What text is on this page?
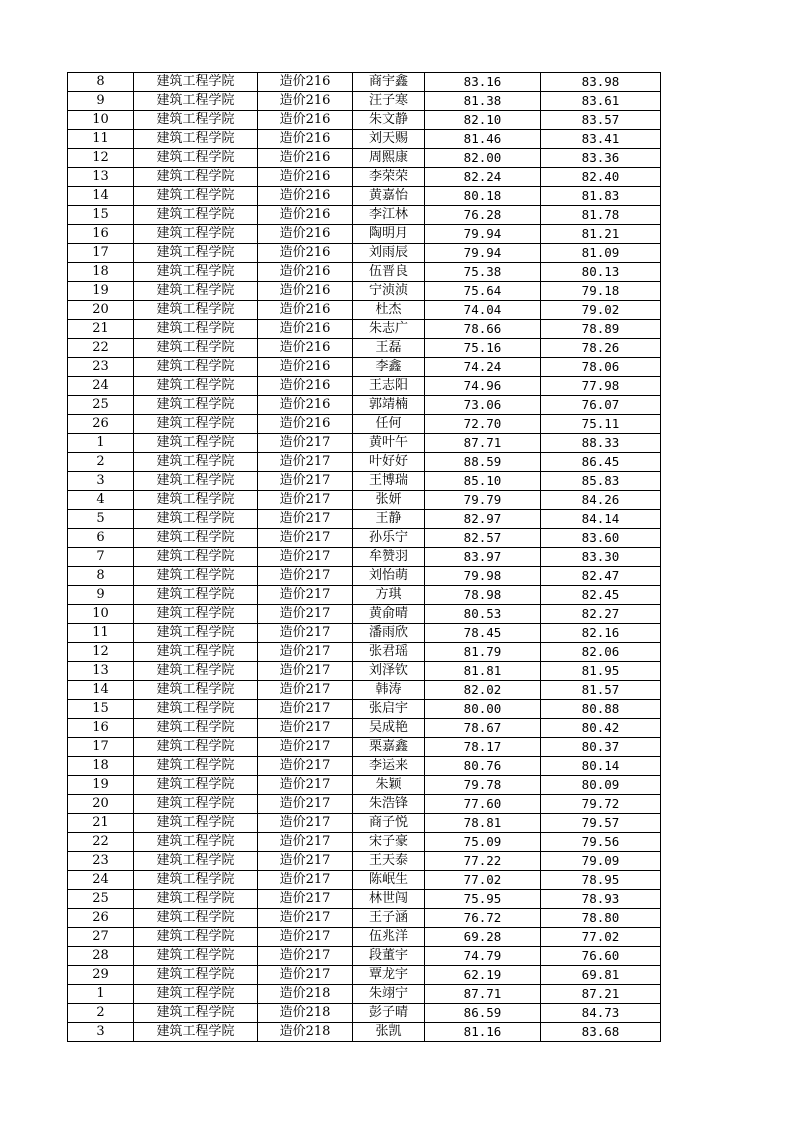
8	建筑工程学院	造价216	商宇鑫	83.16	83.98
9	建筑工程学院	造价216	汪子寒	81.38	83.61
10	建筑工程学院	造价216	朱文静	82.10	83.57
11	建筑工程学院	造价216	刘天赐	81.46	83.41
12	建筑工程学院	造价216	周熙康	82.00	83.36
13	建筑工程学院	造价216	李荣荣	82.24	82.40
14	建筑工程学院	造价216	黄嘉怡	80.18	81.83
15	建筑工程学院	造价216	李江林	76.28	81.78
16	建筑工程学院	造价216	陶明月	79.94	81.21
17	建筑工程学院	造价216	刘雨辰	79.94	81.09
18	建筑工程学院	造价216	伍晋良	75.38	80.13
19	建筑工程学院	造价216	宁浈浈	75.64	79.18
20	建筑工程学院	造价216	杜杰	74.04	79.02
21	建筑工程学院	造价216	朱志广	78.66	78.89
22	建筑工程学院	造价216	王磊	75.16	78.26
23	建筑工程学院	造价216	李鑫	74.24	78.06
24	建筑工程学院	造价216	王志阳	74.96	77.98
25	建筑工程学院	造价216	郭靖楠	73.06	76.07
26	建筑工程学院	造价216	任何	72.70	75.11
1	建筑工程学院	造价217	黄叶午	87.71	88.33
2	建筑工程学院	造价217	叶好好	88.59	86.45
3	建筑工程学院	造价217	王博瑞	85.10	85.83
4	建筑工程学院	造价217	张妍	79.79	84.26
5	建筑工程学院	造价217	王静	82.97	84.14
6	建筑工程学院	造价217	孙乐宁	82.57	83.60
7	建筑工程学院	造价217	牟赞羽	83.97	83.30
8	建筑工程学院	造价217	刘怡萌	79.98	82.47
9	建筑工程学院	造价217	方琪	78.98	82.45
10	建筑工程学院	造价217	黄俞晴	80.53	82.27
11	建筑工程学院	造价217	潘雨欣	78.45	82.16
12	建筑工程学院	造价217	张君瑶	81.79	82.06
13	建筑工程学院	造价217	刘泽钦	81.81	81.95
14	建筑工程学院	造价217	韩涛	82.02	81.57
15	建筑工程学院	造价217	张启宇	80.00	80.88
16	建筑工程学院	造价217	吴成艳	78.67	80.42
17	建筑工程学院	造价217	栗嘉鑫	78.17	80.37
18	建筑工程学院	造价217	李运来	80.76	80.14
19	建筑工程学院	造价217	朱颖	79.78	80.09
20	建筑工程学院	造价217	朱浩锋	77.60	79.72
21	建筑工程学院	造价217	商子悦	78.81	79.57
22	建筑工程学院	造价217	宋子豪	75.09	79.56
23	建筑工程学院	造价217	王天泰	77.22	79.09
24	建筑工程学院	造价217	陈岷生	77.02	78.95
25	建筑工程学院	造价217	林世闯	75.95	78.93
26	建筑工程学院	造价217	王子涵	76.72	78.80
27	建筑工程学院	造价217	伍兆洋	69.28	77.02
28	建筑工程学院	造价217	段董宇	74.79	76.60
29	建筑工程学院	造价217	覃龙宇	62.19	69.81
1	建筑工程学院	造价218	朱翊宁	87.71	87.21
2	建筑工程学院	造价218	彭子晴	86.59	84.73
3	建筑工程学院	造价218	张凯	81.16	83.68
